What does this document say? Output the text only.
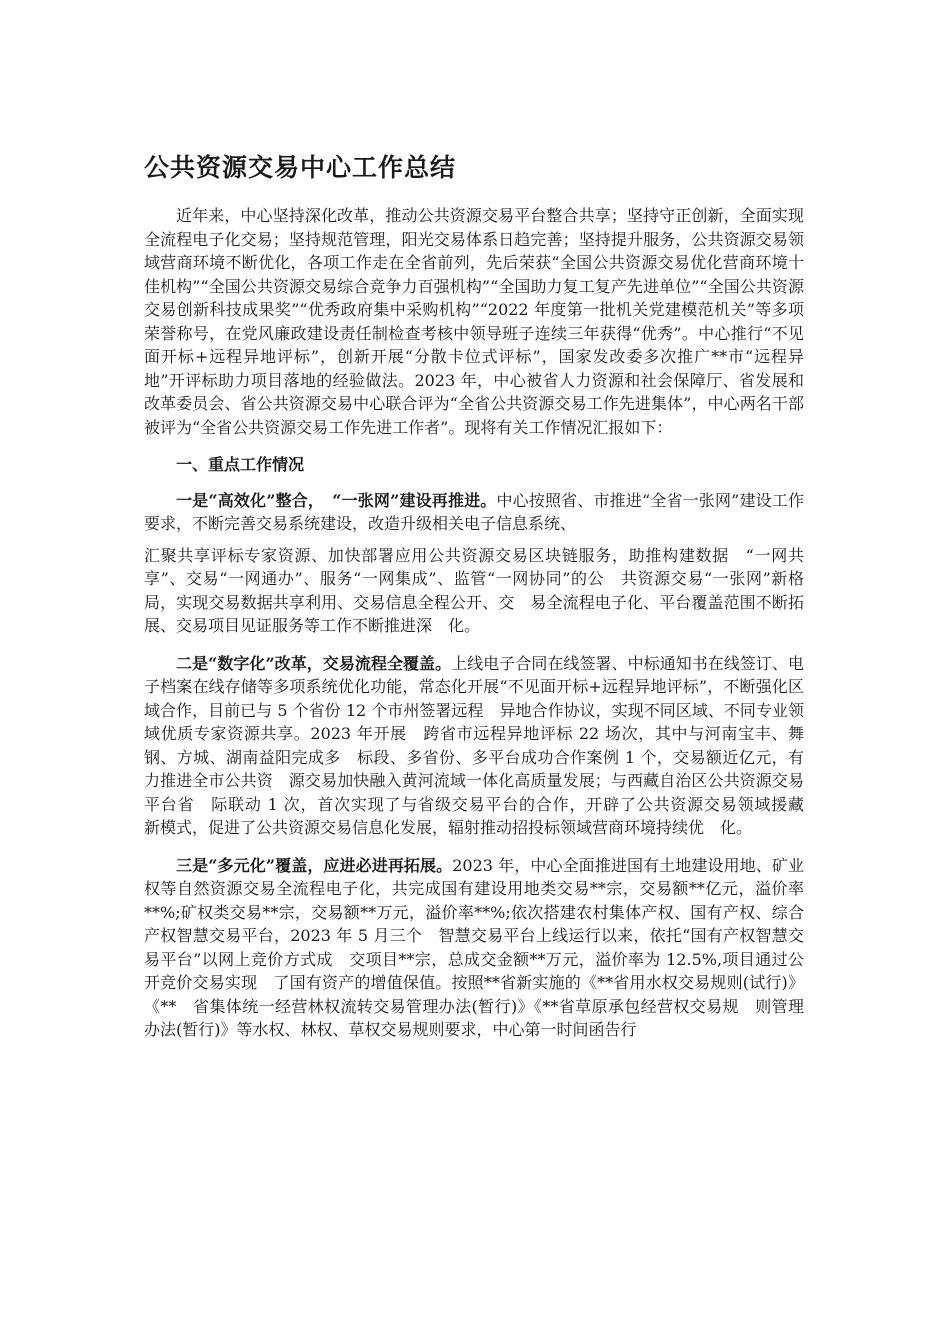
公共资源交易中心工作总结

近年来，中心坚持深化改革，推动公共资源交易平台整合共享；坚持守正创新，全面实现全流程电子化交易；坚持规范管理，阳光交易体系日趋完善；坚持提升服务，公共资源交易领域营商环境不断优化，各项工作走在全省前列，先后荣获“全国公共资源交易优化营商环境十佳机构”“全国公共资源交易综合竞争力百强机构”“全国助力复工复产先进单位”“全国公共资源交易创新科技成果奖”“优秀政府集中采购机构”“2022 年度第一批机关党建模范机关”等多项荣誉称号，在党风廉政建设责任制检查考核中领导班子连续三年获得“优秀”。中心推行“不见面开标+远程异地评标”，创新开展“分散卡位式评标”，国家发改委多次推广**市“远程异地”开评标助力项目落地的经验做法。2023 年，中心被省人力资源和社会保障厅、省发展和改革委员会、省公共资源交易中心联合评为“全省公共资源交易工作先进集体”，中心两名干部被评为“全省公共资源交易工作先进工作者”。现将有关工作情况汇报如下：

一、重点工作情况

一是“高效化”整合，　“一张网”建设再推进。中心按照省、市推进“全省一张网”建设工作要求，不断完善交易系统建设，改造升级相关电子信息系统、

汇聚共享评标专家资源、加快部署应用公共资源交易区块链服务，助推构建数据　“一网共享”、交易“一网通办”、服务“一网集成”、监管“一网协同”的公　共资源交易“一张网”新格局，实现交易数据共享利用、交易信息全程公开、交　易全流程电子化、平台覆盖范围不断拓展、交易项目见证服务等工作不断推进深　化。

二是“数字化”改革，交易流程全覆盖。上线电子合同在线签署、中标通知书在线签订、电子档案在线存储等多项系统优化功能，常态化开展“不见面开标+远程异地评标”，不断强化区域合作，目前已与 5 个省份 12 个市州签署远程　异地合作协议，实现不同区域、不同专业领域优质专家资源共享。2023 年开展　跨省市远程异地评标 22 场次，其中与河南宝丰、舞钢、方城、湖南益阳完成多　标段、多省份、多平台成功合作案例 1 个，交易额近亿元，有力推进全市公共资　源交易加快融入黄河流域一体化高质量发展；与西藏自治区公共资源交易平台省　际联动 1 次，首次实现了与省级交易平台的合作，开辟了公共资源交易领域援藏　新模式，促进了公共资源交易信息化发展，辐射推动招投标领域营商环境持续优　化。

三是“多元化”覆盖，应进必进再拓展。2023 年，中心全面推进国有土地建设用地、矿业权等自然资源交易全流程电子化，共完成国有建设用地类交易**宗，交易额**亿元，溢价率**%;矿权类交易**宗，交易额**万元，溢价率**%;依次搭建农村集体产权、国有产权、综合产权智慧交易平台，2023 年 5 月三个　智慧交易平台上线运行以来，依托“国有产权智慧交易平台”以网上竞价方式成　交项目**宗，总成交金额**万元，溢价率为 12.5%,项目通过公开竞价交易实现　了国有资产的增值保值。按照**省新实施的《**省用水权交易规则(试行)》《**　省集体统一经营林权流转交易管理办法(暂行)》《**省草原承包经营权交易规　则管理办法(暂行)》等水权、林权、草权交易规则要求，中心第一时间函告行
